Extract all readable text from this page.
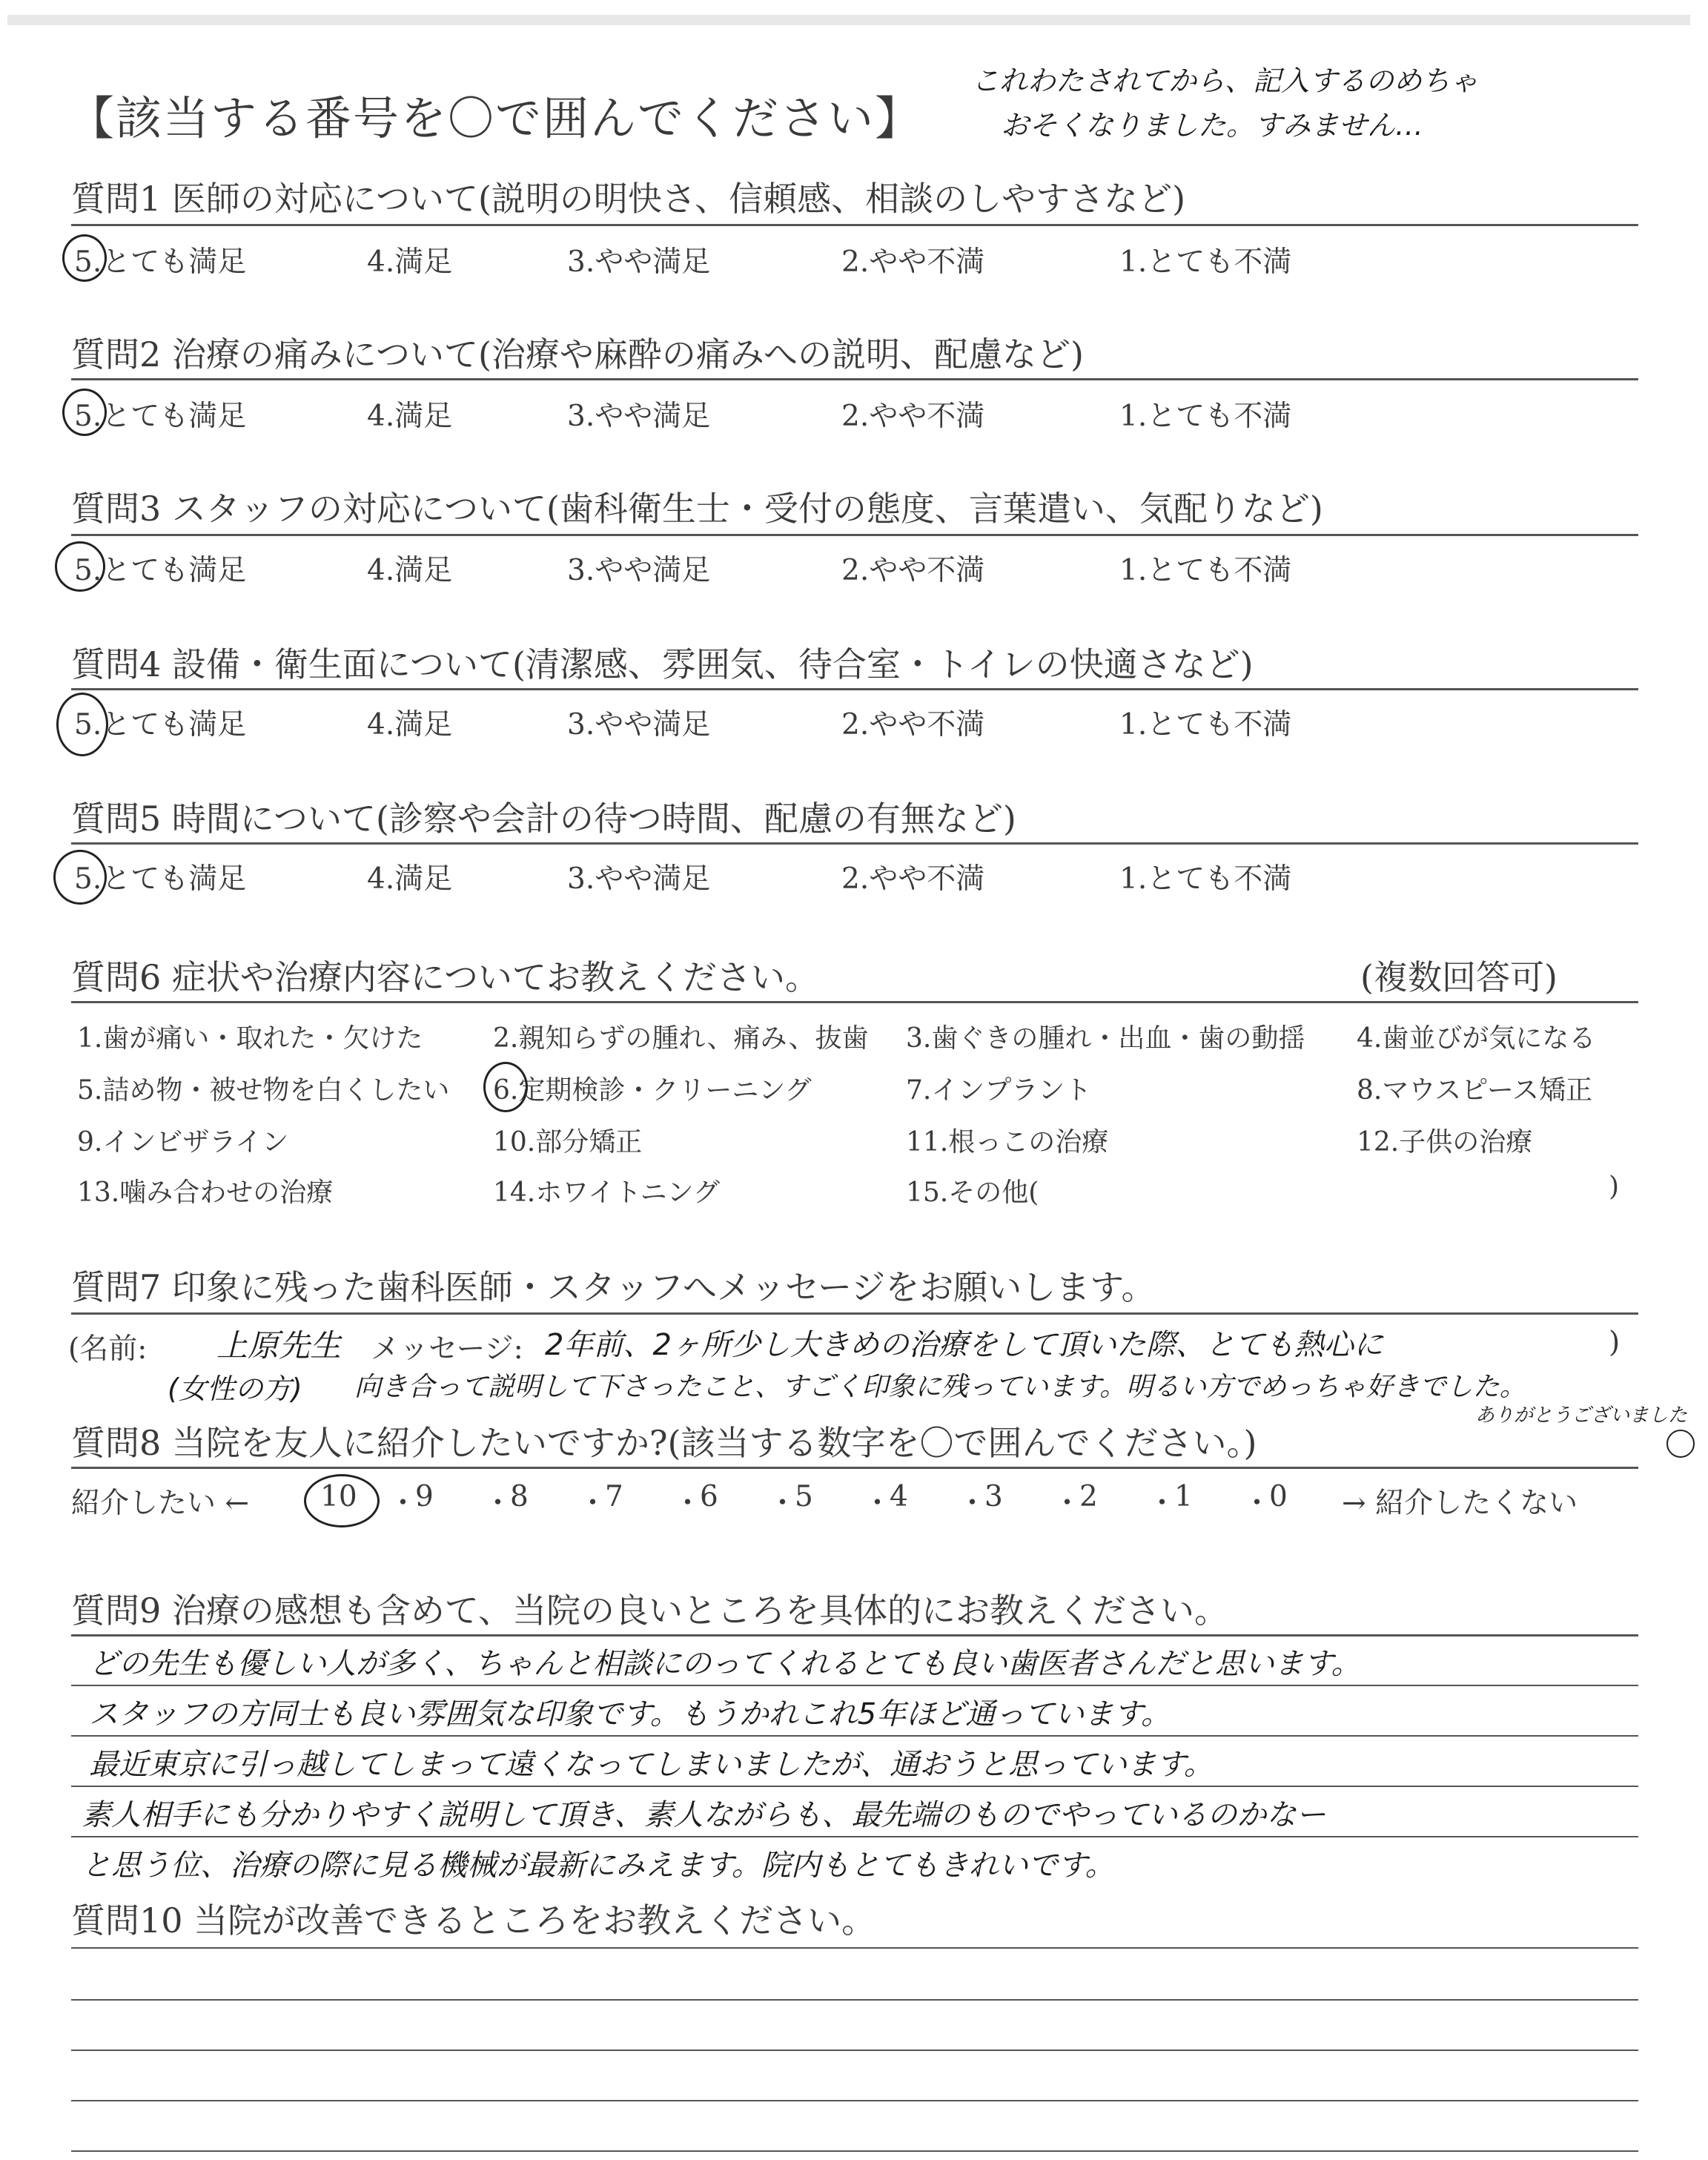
【該当する番号を〇で囲んでください】
これわたされてから、記入するのめちゃ
おそくなりました。すみません…
質問1 医師の対応について(説明の明快さ、信頼感、相談のしやすさなど)
5.とても満足	4.満足	3.やや満足	2.やや不満	1.とても不満
質問2 治療の痛みについて(治療や麻酔の痛みへの説明、配慮など)
5.とても満足	4.満足	3.やや満足	2.やや不満	1.とても不満
質問3 スタッフの対応について(歯科衛生士・受付の態度、言葉遣い、気配りなど)
5.とても満足	4.満足	3.やや満足	2.やや不満	1.とても不満
質問4 設備・衛生面について(清潔感、雰囲気、待合室・トイレの快適さなど)
5.とても満足	4.満足	3.やや満足	2.やや不満	1.とても不満
質問5 時間について(診察や会計の待つ時間、配慮の有無など)
5.とても満足	4.満足	3.やや満足	2.やや不満	1.とても不満
質問6 症状や治療内容についてお教えください。	(複数回答可)
1.歯が痛い・取れた・欠けた	2.親知らずの腫れ、痛み、抜歯 3.歯ぐきの腫れ・出血・歯の動揺 4.歯並びが気になる
5.詰め物・被せ物を白くしたい 6.定期検診・クリーニング	7.インプラント	8.マウスピース矯正
9.インビザライン	10.部分矯正	11.根っこの治療	12.子供の治療
13.噛み合わせの治療	14.ホワイトニング	15.その他(	)
質問7 印象に残った歯科医師・スタッフへメッセージをお願いします。
(名前: 上原先生 メッセージ: 2年前、2ヶ所少し大きめの治療をして頂いた際、とても熱心に	)
(女性の方) 向き合って説明して下さったこと、すごく印象に残っています。明るい方でめっちゃ好きでした。
質問8 当院を友人に紹介したいですか?(該当する数字を〇で囲んでください。)
ありがとうございました
紹介したい ←	→ 紹介したくない
10 ・
9 ・
8 ・
7 ・
6 ・
5 ・
4 ・
3 ・
2 ・
1 ・
0
質問9 治療の感想も含めて、当院の良いところを具体的にお教えください。
どの先生も優しい人が多く、ちゃんと相談にのってくれるとても良い歯医者さんだと思います。
スタッフの方同士も良い雰囲気な印象です。もうかれこれ5年ほど通っています。
最近東京に引っ越してしまって遠くなってしまいましたが、通おうと思っています。
素人相手にも分かりやすく説明して頂き、素人ながらも、最先端のものでやっているのかなー
と思う位、治療の際に見る機械が最新にみえます。院内もとてもきれいです。
質問10 当院が改善できるところをお教えください。
